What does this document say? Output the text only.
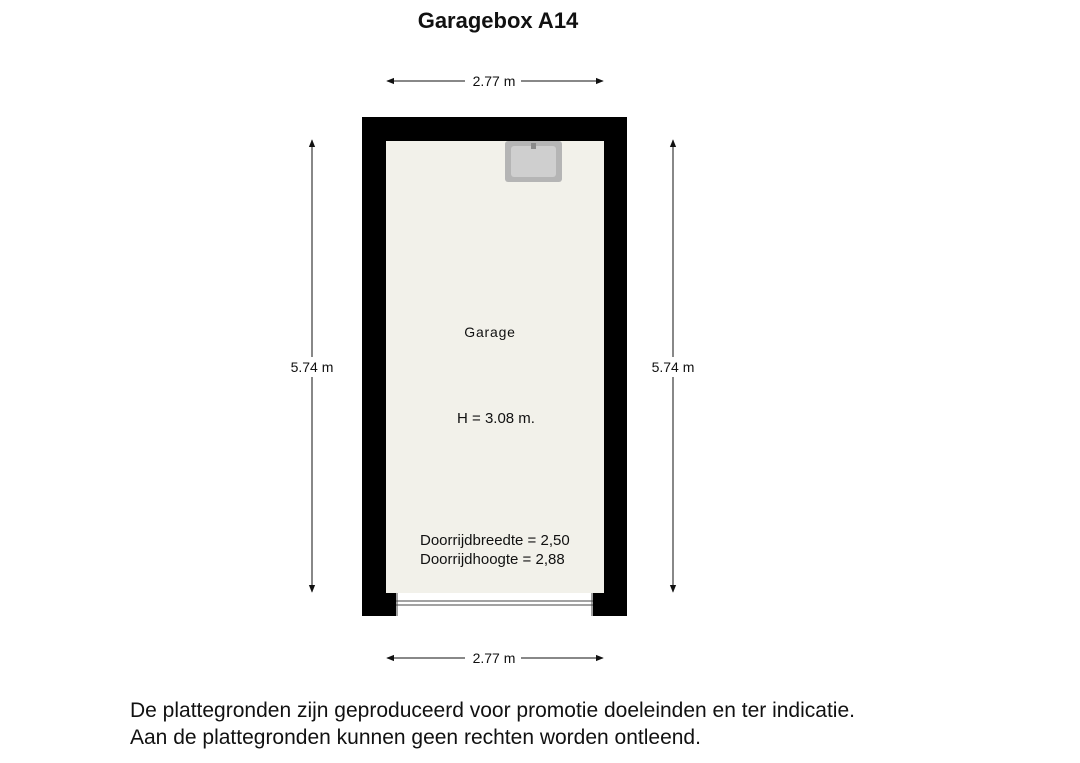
Garagebox A14
2.77 m
5.74 m	5.74 m
Garage
H = 3.08 m.
Doorrijdbreedte = 2,50
Doorrijdhoogte = 2,88
2.77 m
De plattegronden zijn geproduceerd voor promotie doeleinden en ter indicatie.
Aan de plattegronden kunnen geen rechten worden ontleend.
